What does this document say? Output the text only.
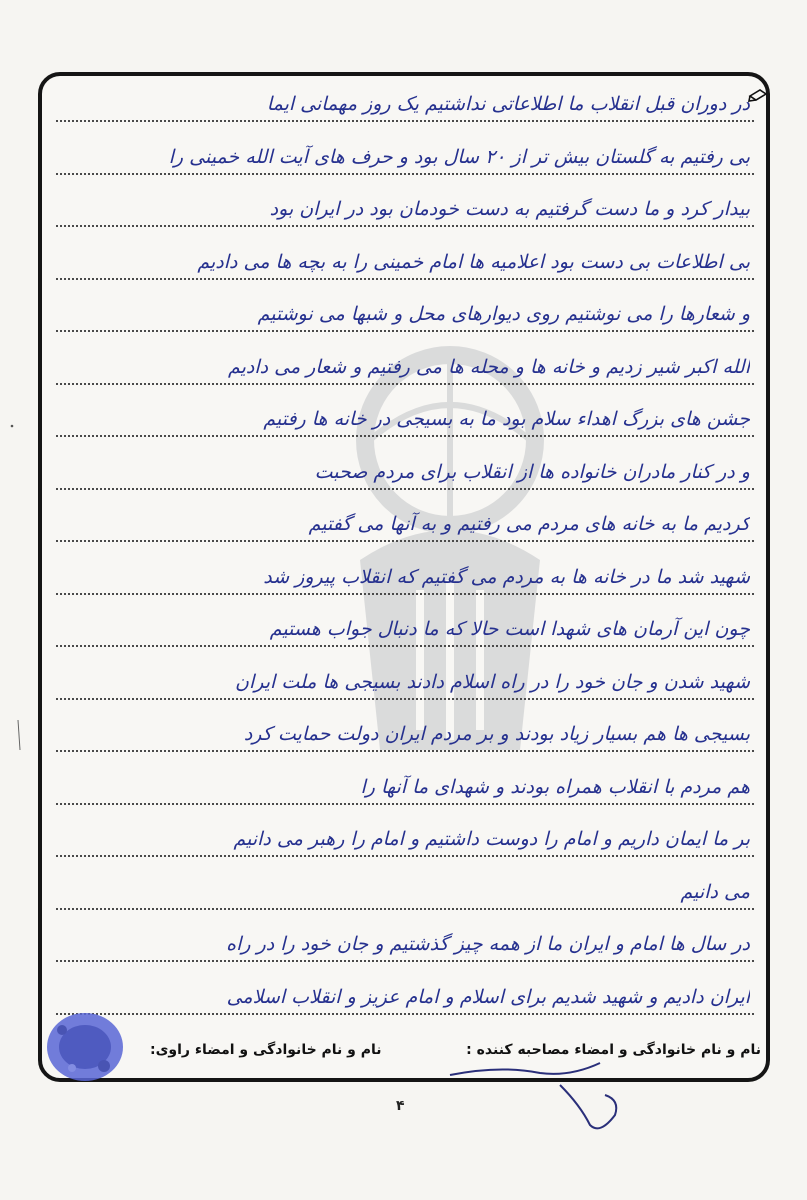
در دوران قبل انقلاب ما اطلاعاتی نداشتیم یک روز مهمانی ایما
بی رفتیم به گلستان بیش تر از ۲۰ سال بود و حرف های آیت الله خمینی را
بیدار کرد و ما دست گرفتیم به دست خودمان بود در ایران بود
بی اطلاعات بی دست بود اعلامیه ها امام خمینی را به بچه ها می دادیم
و شعارها را می نوشتیم روی دیوارهای محل و شبها می نوشتیم
الله اکبر شیر زدیم و خانه ها و محله ها می رفتیم و شعار می دادیم
جشن های بزرگ اهداء سلام بود ما به بسیجی در خانه ها رفتیم
و در کنار مادران خانواده ها از انقلاب برای مردم صحبت
کردیم ما به خانه های مردم می رفتیم و به آنها می گفتیم
شهید شد ما در خانه ها به مردم می گفتیم که انقلاب پیروز شد
چون این آرمان های شهدا است حالا که ما دنبال جواب هستیم
شهید شدن و جان خود را در راه اسلام دادند بسیجی ها ملت ایران
بسیجی ها هم بسیار زیاد بودند و بر مردم ایران دولت حمایت کرد
هم مردم با انقلاب همراه بودند و شهدای ما آنها را
بر ما ایمان داریم و امام را دوست داشتیم و امام را رهبر می دانیم
می دانیم
در سال ها امام و ایران ما از همه چیز گذشتیم و جان خود را در راه
ایران دادیم و شهید شدیم برای اسلام و امام عزیز و انقلاب اسلامی
نام و نام خانوادگی و امضاء مصاحبه کننده :
نام و نام خانوادگی و امضاء راوی:
۴
